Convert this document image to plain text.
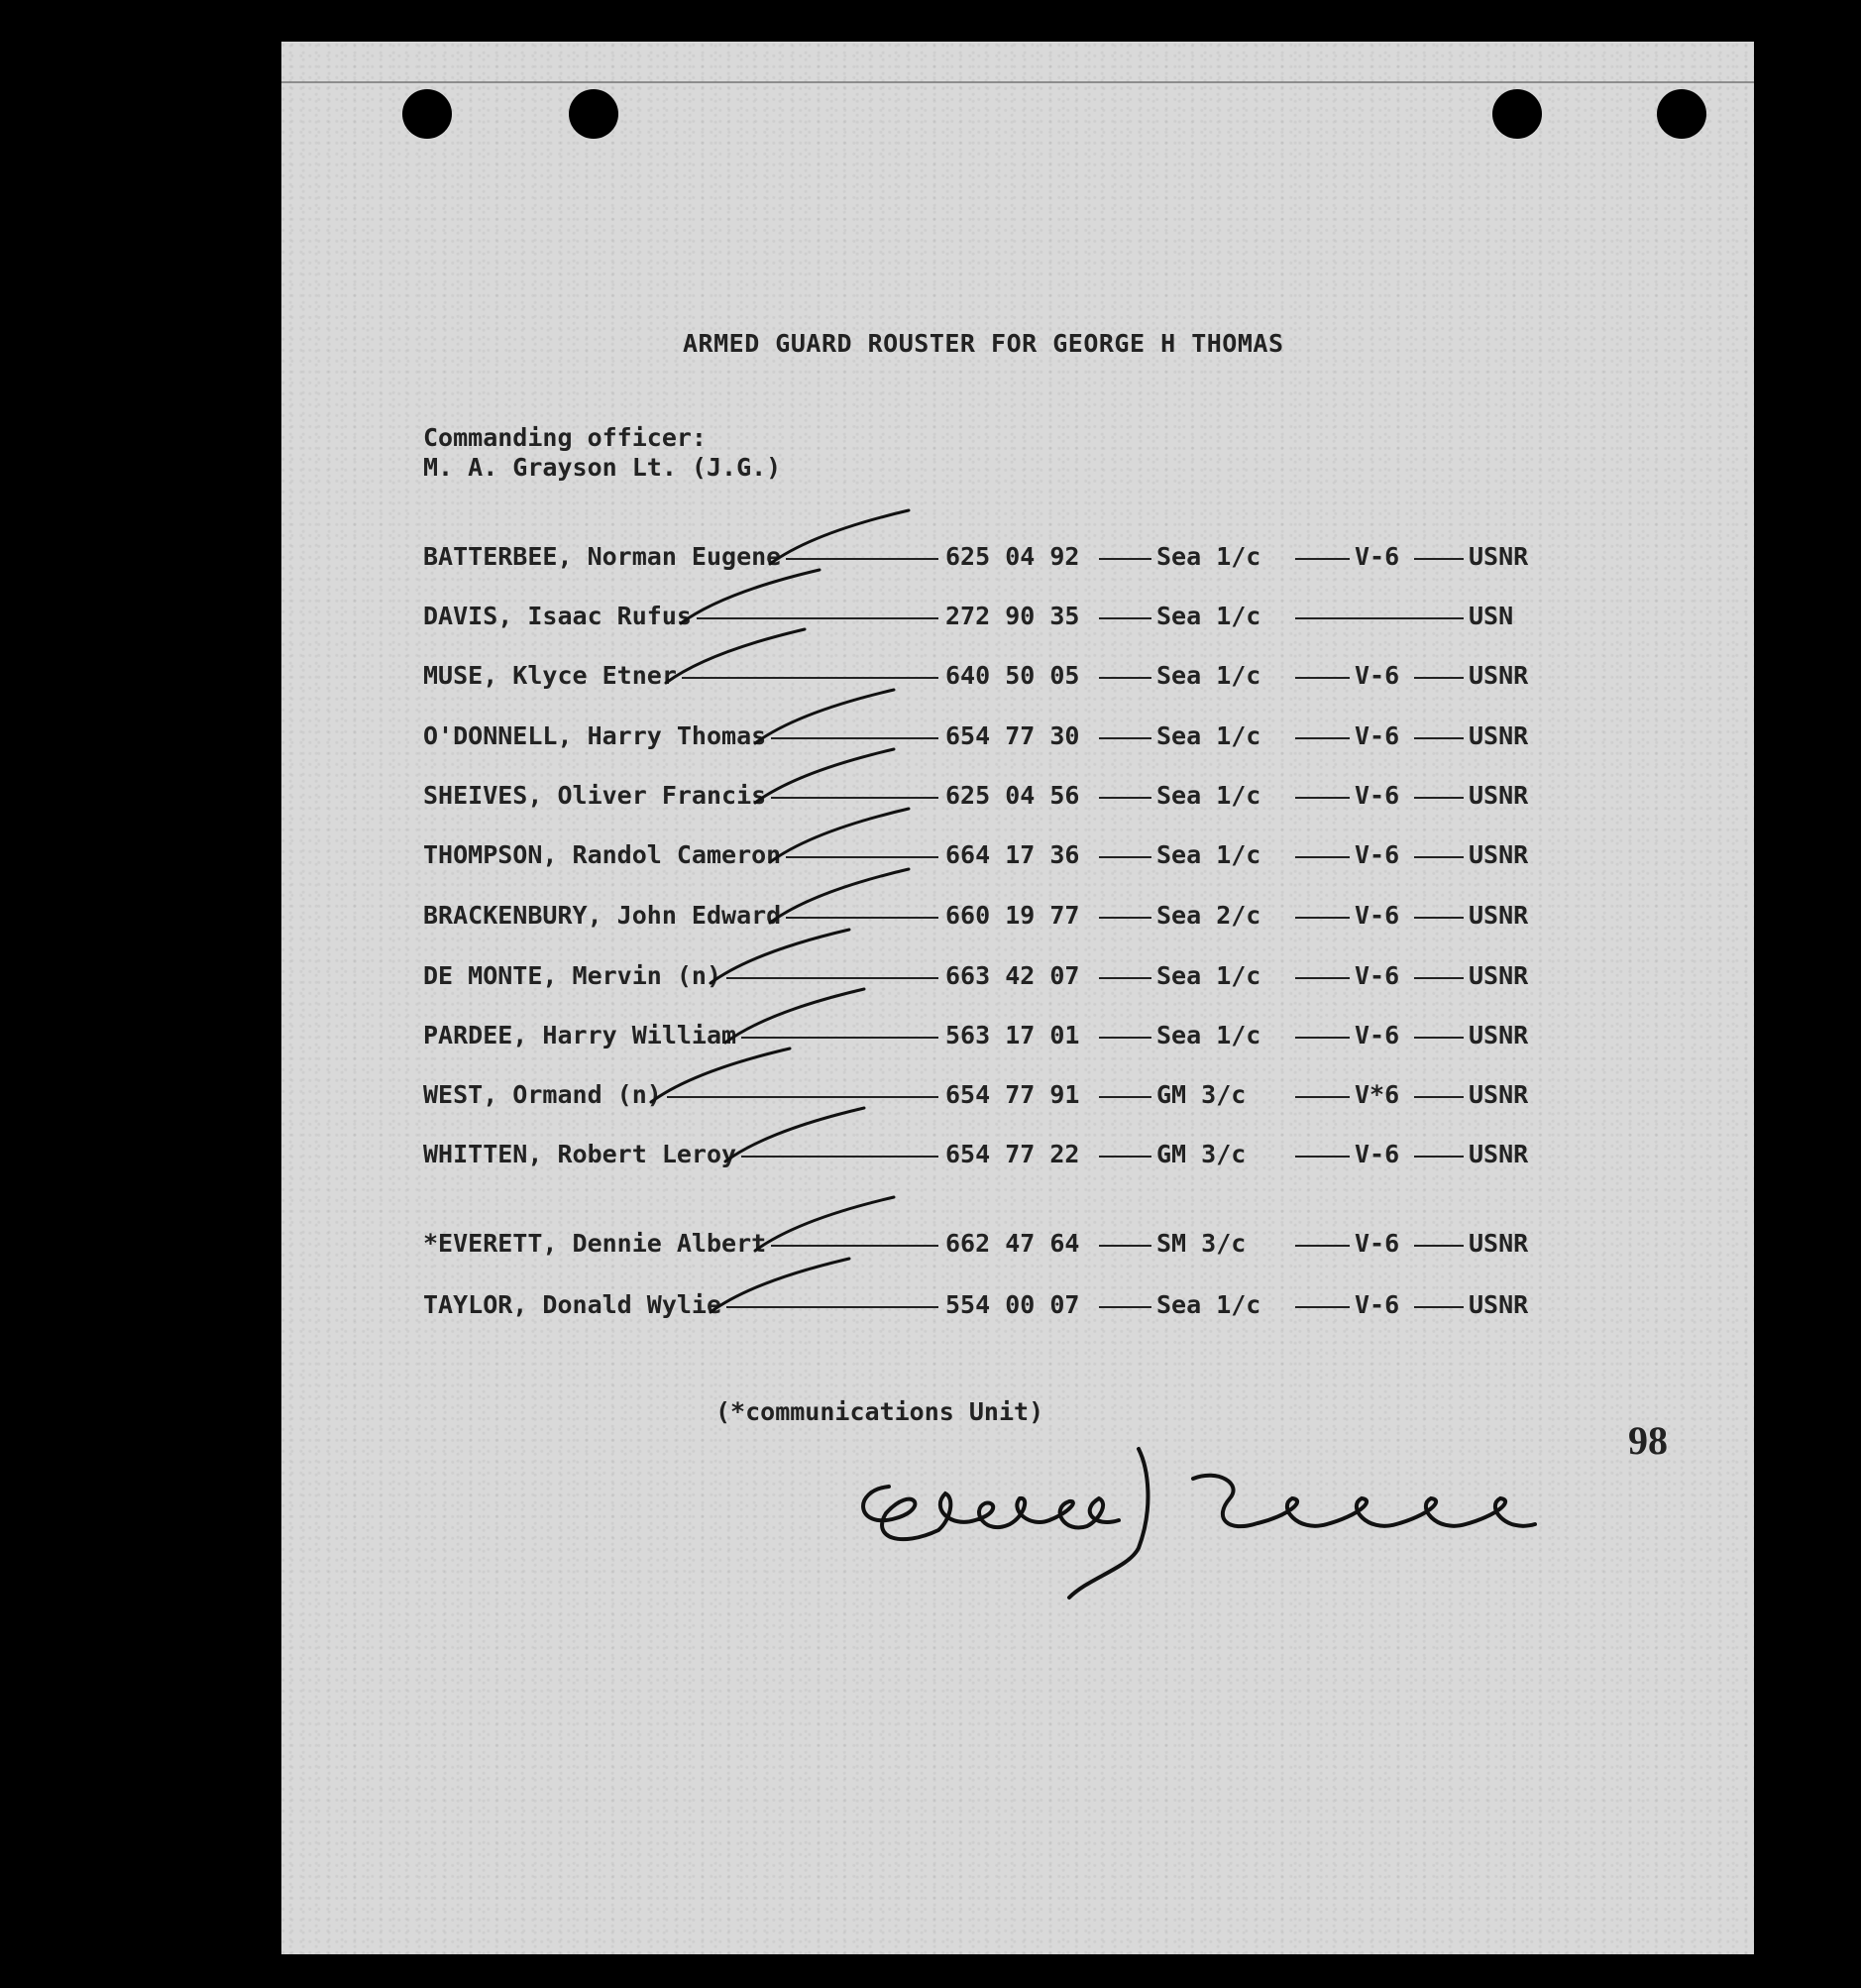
ARMED GUARD ROUSTER FOR GEORGE H THOMAS
Commanding officer:
M. A. Grayson Lt. (J.G.)
BATTERBEE, Norman Eugene	625 04 92	Sea 1/c	V-6	USNR
DAVIS, Isaac Rufus	272 90 35	Sea 1/c	USN
MUSE, Klyce Etner	640 50 05	Sea 1/c	V-6	USNR
O'DONNELL, Harry Thomas	654 77 30	Sea 1/c	V-6	USNR
SHEIVES, Oliver Francis	625 04 56	Sea 1/c	V-6	USNR
THOMPSON, Randol Cameron	664 17 36	Sea 1/c	V-6	USNR
BRACKENBURY, John Edward	660 19 77	Sea 2/c	V-6	USNR
DE MONTE, Mervin (n)	663 42 07	Sea 1/c	V-6	USNR
PARDEE, Harry William	563 17 01	Sea 1/c	V-6	USNR
WEST, Ormand (n)	654 77 91	GM 3/c	V*6	USNR
WHITTEN, Robert Leroy	654 77 22	GM 3/c	V-6	USNR
*EVERETT, Dennie Albert	662 47 64	SM 3/c	V-6	USNR
TAYLOR, Donald Wylie	554 00 07	Sea 1/c	V-6	USNR
(*communications Unit)
98
